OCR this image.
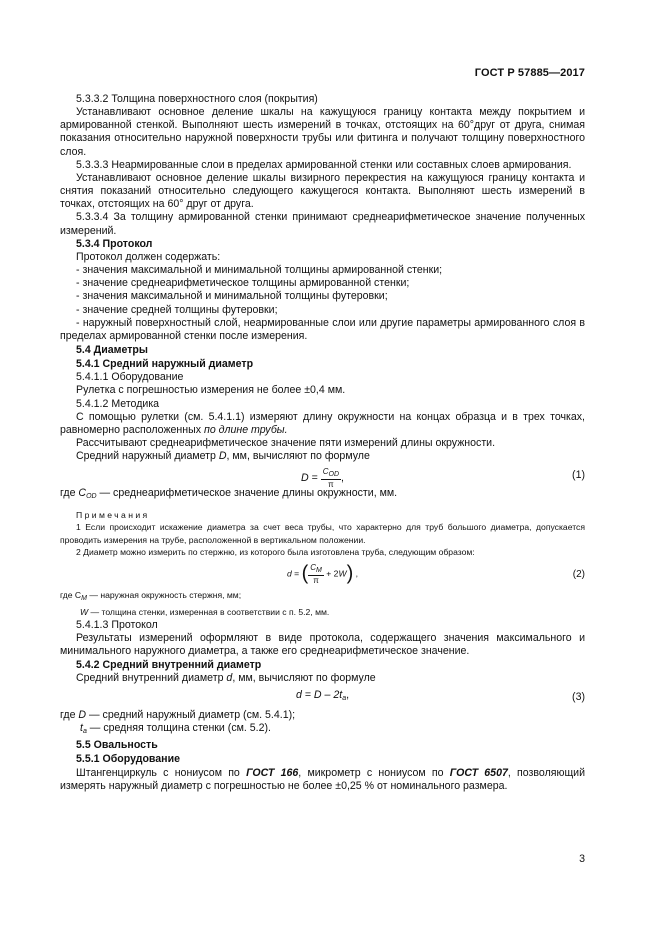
ГОСТ Р 57885—2017

5.3.3.2 Толщина поверхностного слоя (покрытия)

Устанавливают основное деление шкалы на кажущуюся границу контакта между покрытием и армированной стенкой. Выполняют шесть измерений в точках, отстоящих на 60°друг от друга, снимая показания относительно наружной поверхности трубы или фитинга и получают толщину поверхностного слоя.

5.3.3.3 Неармированные слои в пределах армированной стенки или составных слоев армирования.

Устанавливают основное деление шкалы визирного перекрестия на кажущуюся границу контакта и снятия показаний относительно следующего кажущегося контакта. Выполняют шесть измерений в точках, отстоящих на 60° друг от друга.

5.3.3.4 За толщину армированной стенки принимают среднеарифметическое значение полученных измерений.

5.3.4 Протокол

Протокол должен содержать:

- значения максимальной и минимальной толщины армированной стенки;

- значение среднеарифметическое толщины армированной стенки;

- значения максимальной и минимальной толщины футеровки;

- значение средней толщины футеровки;

- наружный поверхностный слой, неармированные слои или другие параметры армированного слоя в пределах армированной стенки после измерения.

5.4 Диаметры

5.4.1 Средний наружный диаметр

5.4.1.1 Оборудование

Рулетка с погрешностью измерения не более ±0,4 мм.

5.4.1.2 Методика

С помощью рулетки (см. 5.4.1.1) измеряют длину окружности на концах образца и в трех точках, равномерно расположенных по длине трубы.

Рассчитывают среднеарифметическое значение пяти измерений длины окружности.

Средний наружный диаметр D, мм, вычисляют по формуле

$D = \frac{C_{OD}}{\pi}$ ,	(1)

где $C_{OD}$ — среднеарифметическое значение длины окружности, мм.

Примечания

1 Если происходит искажение диаметра за счет веса трубы, что характерно для труб большого диаметра, допускается проводить измерения на трубе, расположенной в вертикальном положении.

2 Диаметр можно измерить по стержню, из которого была изготовлена труба, следующим образом:

d = ( $\frac{C_M}{\pi} + 2W$) ,	(2)

где $C_M$ — наружная окружность стержня, мм;

W — толщина стенки, измеренная в соответствии с п. 5.2, мм.

5.4.1.3 Протокол

Результаты измерений оформляют в виде протокола, содержащего значения максимального и минимального наружного диаметра, а также его среднеарифметическое значение.

5.4.2 Средний внутренний диаметр

Средний внутренний диаметр d, мм, вычисляют по формуле

$d = D - 2t_a$,	(3)

где D — средний наружный диаметр (см. 5.4.1);

$t_a$ — средняя толщина стенки (см. 5.2).

5.5 Овальность

5.5.1 Оборудование

Штангенциркуль с нониусом по ГОСТ 166, микрометр с нониусом по ГОСТ 6507, позволяющий измерять наружный диаметр с погрешностью не более ±0,25 % от номинального размера.

3
